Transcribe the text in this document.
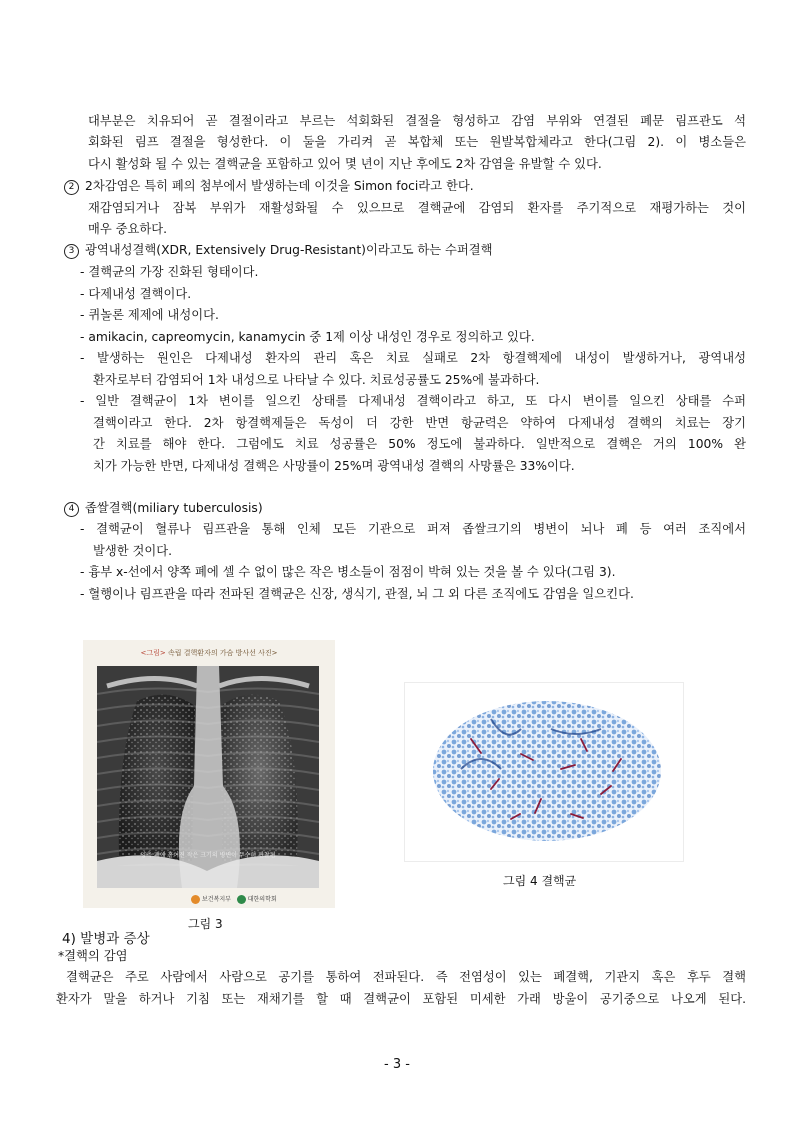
대부분은 치유되어 곧 결절이라고 부르는 석회화된 결절을 형성하고 감염 부위와 연결된 폐문 림프관도 석
회화된 림프 결절을 형성한다. 이 둘을 가리켜 곧 복합체 또는 원발복합체라고 한다(그림 2). 이 병소들은
다시 활성화 될 수 있는 결핵균을 포함하고 있어 몇 년이 지난 후에도 2차 감염을 유발할 수 있다.
2 2차감염은 특히 폐의 첨부에서 발생하는데 이것을 Simon foci라고 한다.
재감염되거나 잠복 부위가 재활성화될 수 있으므로 결핵균에 감염되 환자를 주기적으로 재평가하는 것이
매우 중요하다.
3 광역내성결핵(XDR, Extensively Drug-Resistant)이라고도 하는 수퍼결핵
- 결핵균의 가장 진화된 형태이다.
- 다제내성 결핵이다.
- 퀴놀론 제제에 내성이다.
- amikacin, capreomycin, kanamycin 중 1제 이상 내성인 경우로 정의하고 있다.
- 발생하는 원인은 다제내성 환자의 관리 혹은 치료 실패로 2차 항결핵제에 내성이 발생하거나, 광역내성
환자로부터 감염되어 1차 내성으로 나타날 수 있다. 치료성공률도 25%에 불과하다.
- 일반 결핵균이 1차 변이를 일으킨 상태를 다제내성 결핵이라고 하고, 또 다시 변이를 일으킨 상태를 수퍼
결핵이라고 한다. 2차 항결핵제들은 독성이 더 강한 반면 항균력은 약하여 다제내성 결핵의 치료는 장기
간 치료를 해야 한다. 그럼에도 치료 성공률은 50% 정도에 불과하다. 일반적으로 결핵은 거의 100% 완
치가 가능한 반면, 다제내성 결핵은 사망률이 25%며 광역내성 결핵의 사망률은 33%이다.
4 좁쌀결핵(miliary tuberculosis)
- 결핵균이 혈류나 림프관을 통해 인체 모든 기관으로 퍼져 좁쌀크기의 병변이 뇌나 폐 등 여러 조직에서
발생한 것이다.
- 흉부 x-선에서 양쪽 폐에 셀 수 없이 많은 작은 병소들이 점점이 박혀 있는 것을 볼 수 있다(그림 3).
- 혈행이나 림프관을 따라 전파된 결핵균은 신장, 생식기, 관절, 뇌 그 외 다른 조직에도 감염을 일으킨다.
<그림> 속립 결핵환자의 가슴 방사선 사진>
양측 폐에 흩어진 작은 크기의 병변이 무수히 관찰됨
보건복지부	대한의학회
그림 3
그림 4 결핵균
4) 발병과 증상
*결핵의 감염
결핵균은 주로 사람에서 사람으로 공기를 통하여 전파된다. 즉 전염성이 있는 폐결핵, 기관지 혹은 후두 결핵
환자가 말을 하거나 기침 또는 재채기를 할 때 결핵균이 포함된 미세한 가래 방울이 공기중으로 나오게 된다.
- 3 -
